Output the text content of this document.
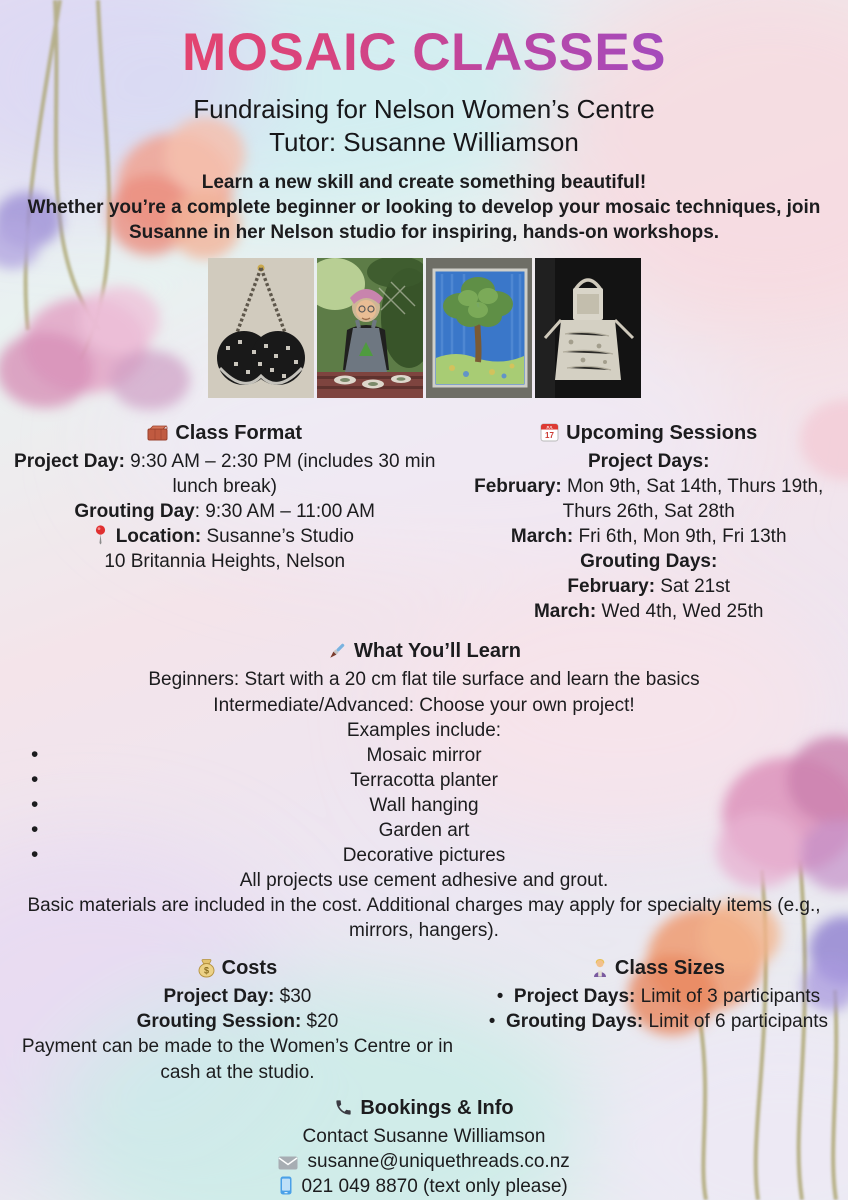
MOSAIC CLASSES
Fundraising for Nelson Women’s Centre
Tutor: Susanne Williamson
Learn a new skill and create something beautiful!
Whether you’re a complete beginner or looking to develop your mosaic techniques, join Susanne in her Nelson studio for inspiring, hands-on workshops.
Class Format
Project Day: 9:30 AM – 2:30 PM (includes 30 min lunch break)
Grouting Day: 9:30 AM – 11:00 AM
Location: Susanne’s Studio
10 Britannia Heights, Nelson
JUL
17 Upcoming Sessions
Project Days:
February: Mon 9th, Sat 14th, Thurs 19th, Thurs 26th, Sat 28th
March: Fri 6th, Mon 9th, Fri 13th
Grouting Days:
February: Sat 21st
March: Wed 4th, Wed 25th
What You’ll Learn
Beginners: Start with a 20 cm flat tile surface and learn the basics
Intermediate/Advanced: Choose your own project!
Examples include:
•	Mosaic mirror
•	Terracotta planter
•	Wall hanging
•	Garden art
•	Decorative pictures
All projects use cement adhesive and grout.
Basic materials are included in the cost. Additional charges may apply for specialty items (e.g., mirrors, hangers).
$ Costs
Project Day: $30
Grouting Session: $20
Payment can be made to the Women’s Centre or in cash at the studio.
Class Sizes
• Project Days: Limit of 3 participants
• Grouting Days: Limit of 6 participants
Bookings & Info
Contact Susanne Williamson
susanne@uniquethreads.co.nz
021 049 8870 (text only please)
